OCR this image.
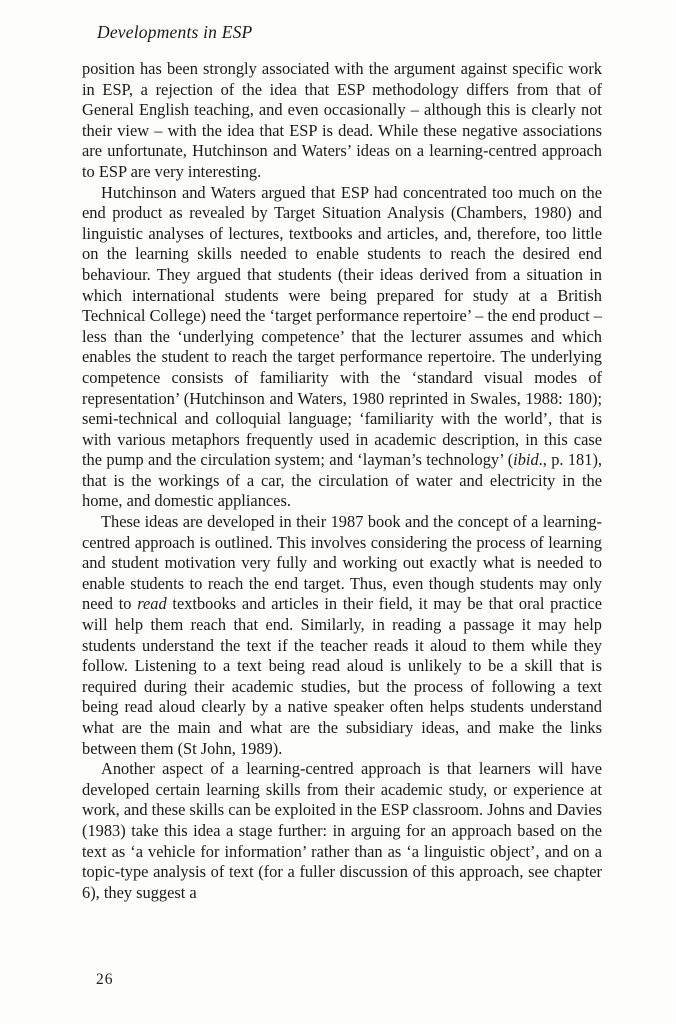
Developments in ESP

position has been strongly associated with the argument against specific work in ESP, a rejection of the idea that ESP methodology differs from that of General English teaching, and even occasionally – although this is clearly not their view – with the idea that ESP is dead. While these negative associations are unfortunate, Hutchinson and Waters’ ideas on a learning-centred approach to ESP are very interesting.

Hutchinson and Waters argued that ESP had concentrated too much on the end product as revealed by Target Situation Analysis (Chambers, 1980) and linguistic analyses of lectures, textbooks and articles, and, therefore, too little on the learning skills needed to enable students to reach the desired end behaviour. They argued that students (their ideas derived from a situation in which international students were being prepared for study at a British Technical College) need the ‘target performance repertoire’ – the end product – less than the ‘underlying competence’ that the lecturer assumes and which enables the student to reach the target performance repertoire. The underlying competence consists of familiarity with the ‘standard visual modes of representation’ (Hutchinson and Waters, 1980 reprinted in Swales, 1988: 180); semi-technical and colloquial language; ‘familiarity with the world’, that is with various metaphors frequently used in academic description, in this case the pump and the circulation system; and ‘layman’s technology’ (ibid., p. 181), that is the workings of a car, the circulation of water and electricity in the home, and domestic appliances.

These ideas are developed in their 1987 book and the concept of a learning-centred approach is outlined. This involves considering the process of learning and student motivation very fully and working out exactly what is needed to enable students to reach the end target. Thus, even though students may only need to read textbooks and articles in their field, it may be that oral practice will help them reach that end. Similarly, in reading a passage it may help students understand the text if the teacher reads it aloud to them while they follow. Listening to a text being read aloud is unlikely to be a skill that is required during their academic studies, but the process of following a text being read aloud clearly by a native speaker often helps students understand what are the main and what are the subsidiary ideas, and make the links between them (St John, 1989).

Another aspect of a learning-centred approach is that learners will have developed certain learning skills from their academic study, or experience at work, and these skills can be exploited in the ESP classroom. Johns and Davies (1983) take this idea a stage further: in arguing for an approach based on the text as ‘a vehicle for information’ rather than as ‘a linguistic object’, and on a topic-type analysis of text (for a fuller discussion of this approach, see chapter 6), they suggest a

26
